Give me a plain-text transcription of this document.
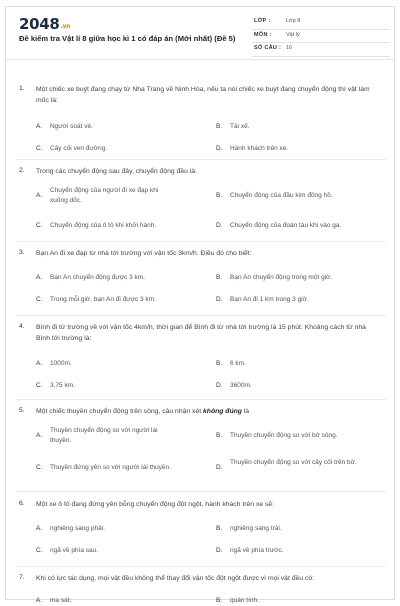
2048.vn
Đề kiểm tra Vật lí 8 giữa học kì 1 có đáp án (Mới nhất) (Đề 5)
LỚP :	Lớp 8
MÔN :	Vật lý
SỐ CÂU : 16
1. Một chiếc xe buýt đang chạy từ Nha Trang về Ninh Hòa, nếu ta nói chiếc xe buýt đang chuyển động thì vật làm mốc là:
A. Người soát vé.	B. Tài xế.
C. Cây cối ven đường.	D. Hành khách trên xe.
2. Trong các chuyển động sau đây, chuyển động đều là:
A.
Chuyển động của người đi xe đạp khi xuống dốc.
B. Chuyển động của đầu kim đồng hồ.
C. Chuyển động của ô tô khi khởi hành.	D. Chuyển động của đoàn tàu khi vào ga.
3. Bạn An đi xe đạp từ nhà tới trường với vận tốc 3km/h. Điều đó cho biết:
A. Bạn An chuyển động được 3 km.	B. Bạn An chuyển động trong một giờ.
C. Trong mỗi giờ, bạn An đi được 3 km.	D. Bạn An đi 1 km trong 3 giờ.
4. Bình đi từ trường về với vận tốc 4km/h, thời gian để Bình đi từ nhà tới trường là 15 phút. Khoảng cách từ nhà Bình tới trường là:
A. 1000m.	B. 6 km.
C. 3,75 km.	D. 3600m.
5. Một chiếc thuyền chuyển động trên sông, câu nhận xét không đúng là
A.
Thuyền chuyển động so với người lái thuyền.
B. Thuyền chuyển động so với bờ sông.
C. Thuyền đứng yên so với người lái thuyền.	D.
Thuyền chuyển động so với cây cối trên bờ.
6. Một xe ô tô đang đứng yên bỗng chuyển động đột ngột, hành khách trên xe sẽ:
A. nghiêng sang phải.	B. nghiêng sang trái.
C. ngã về phía sau.	D. ngã về phía trước.
7. Khi có lực tác dụng, mọi vật đều không thể thay đổi vận tốc đột ngột được vì mọi vật đều có:
A. ma sát.	B. quán tính.
